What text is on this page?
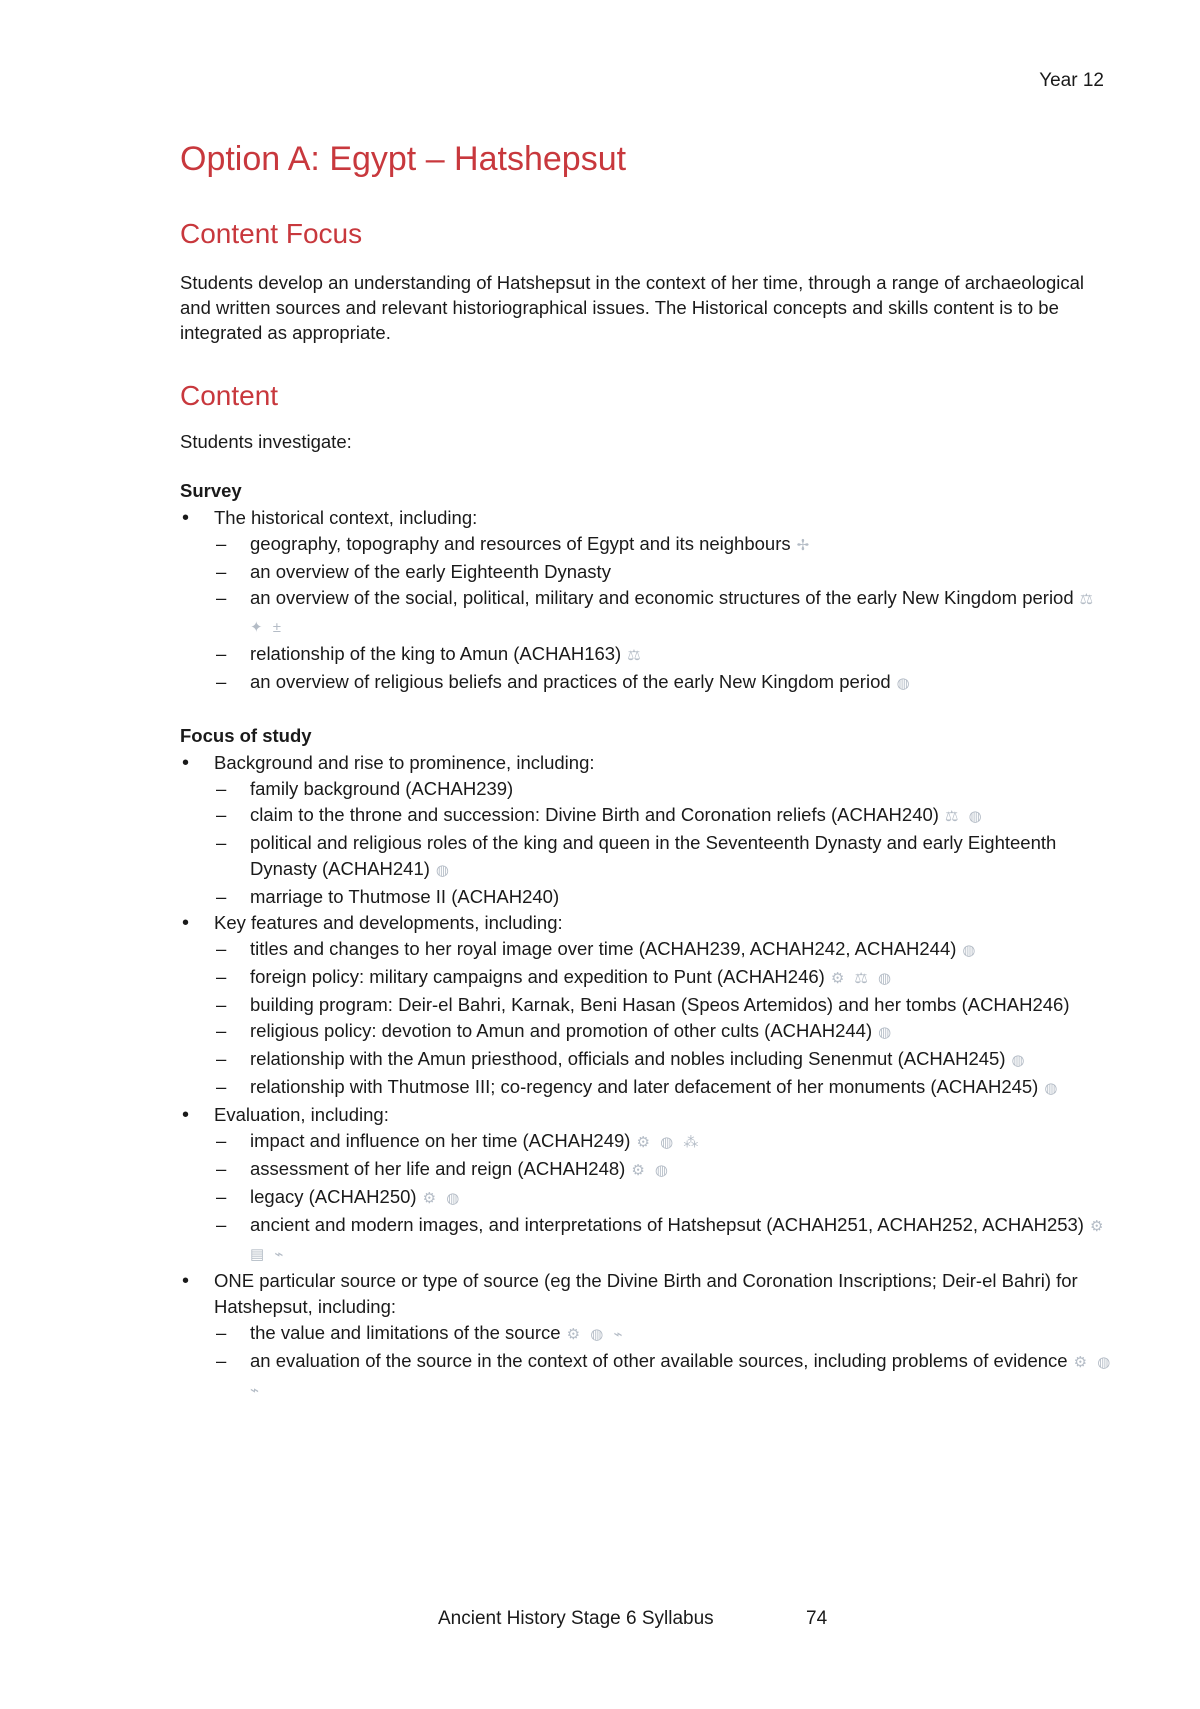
Year 12
Option A: Egypt – Hatshepsut
Content Focus

Students develop an understanding of Hatshepsut in the context of her time, through a range of archaeological and written sources and relevant historiographical issues. The Historical concepts and skills content is to be integrated as appropriate.

Content

Students investigate:

Survey
• The historical context, including:
– geography, topography and resources of Egypt and its neighbours ✢
– an overview of the early Eighteenth Dynasty
– an overview of the social, political, military and economic structures of the early New Kingdom period ⚖ ✦ ±
– relationship of the king to Amun (ACHAH163) ⚖
– an overview of religious beliefs and practices of the early New Kingdom period ◍
Focus of study
• Background and rise to prominence, including:
– family background (ACHAH239)
– claim to the throne and succession: Divine Birth and Coronation reliefs (ACHAH240) ⚖ ◍
– political and religious roles of the king and queen in the Seventeenth Dynasty and early Eighteenth Dynasty (ACHAH241) ◍
– marriage to Thutmose II (ACHAH240)
• Key features and developments, including:
– titles and changes to her royal image over time (ACHAH239, ACHAH242, ACHAH244) ◍
– foreign policy: military campaigns and expedition to Punt (ACHAH246) ⚙ ⚖ ◍
– building program: Deir-el Bahri, Karnak, Beni Hasan (Speos Artemidos) and her tombs (ACHAH246)
– religious policy: devotion to Amun and promotion of other cults (ACHAH244) ◍
– relationship with the Amun priesthood, officials and nobles including Senenmut (ACHAH245) ◍
– relationship with Thutmose III; co-regency and later defacement of her monuments (ACHAH245) ◍
• Evaluation, including:
– impact and influence on her time (ACHAH249) ⚙ ◍ ⁂
– assessment of her life and reign (ACHAH248) ⚙ ◍
– legacy (ACHAH250) ⚙ ◍
– ancient and modern images, and interpretations of Hatshepsut (ACHAH251, ACHAH252, ACHAH253) ⚙ ▤ ⌁
• ONE particular source or type of source (eg the Divine Birth and Coronation Inscriptions; Deir-el Bahri) for Hatshepsut, including:
– the value and limitations of the source ⚙ ◍ ⌁
– an evaluation of the source in the context of other available sources, including problems of evidence ⚙ ◍ ⌁
Ancient History Stage 6 Syllabus	74
